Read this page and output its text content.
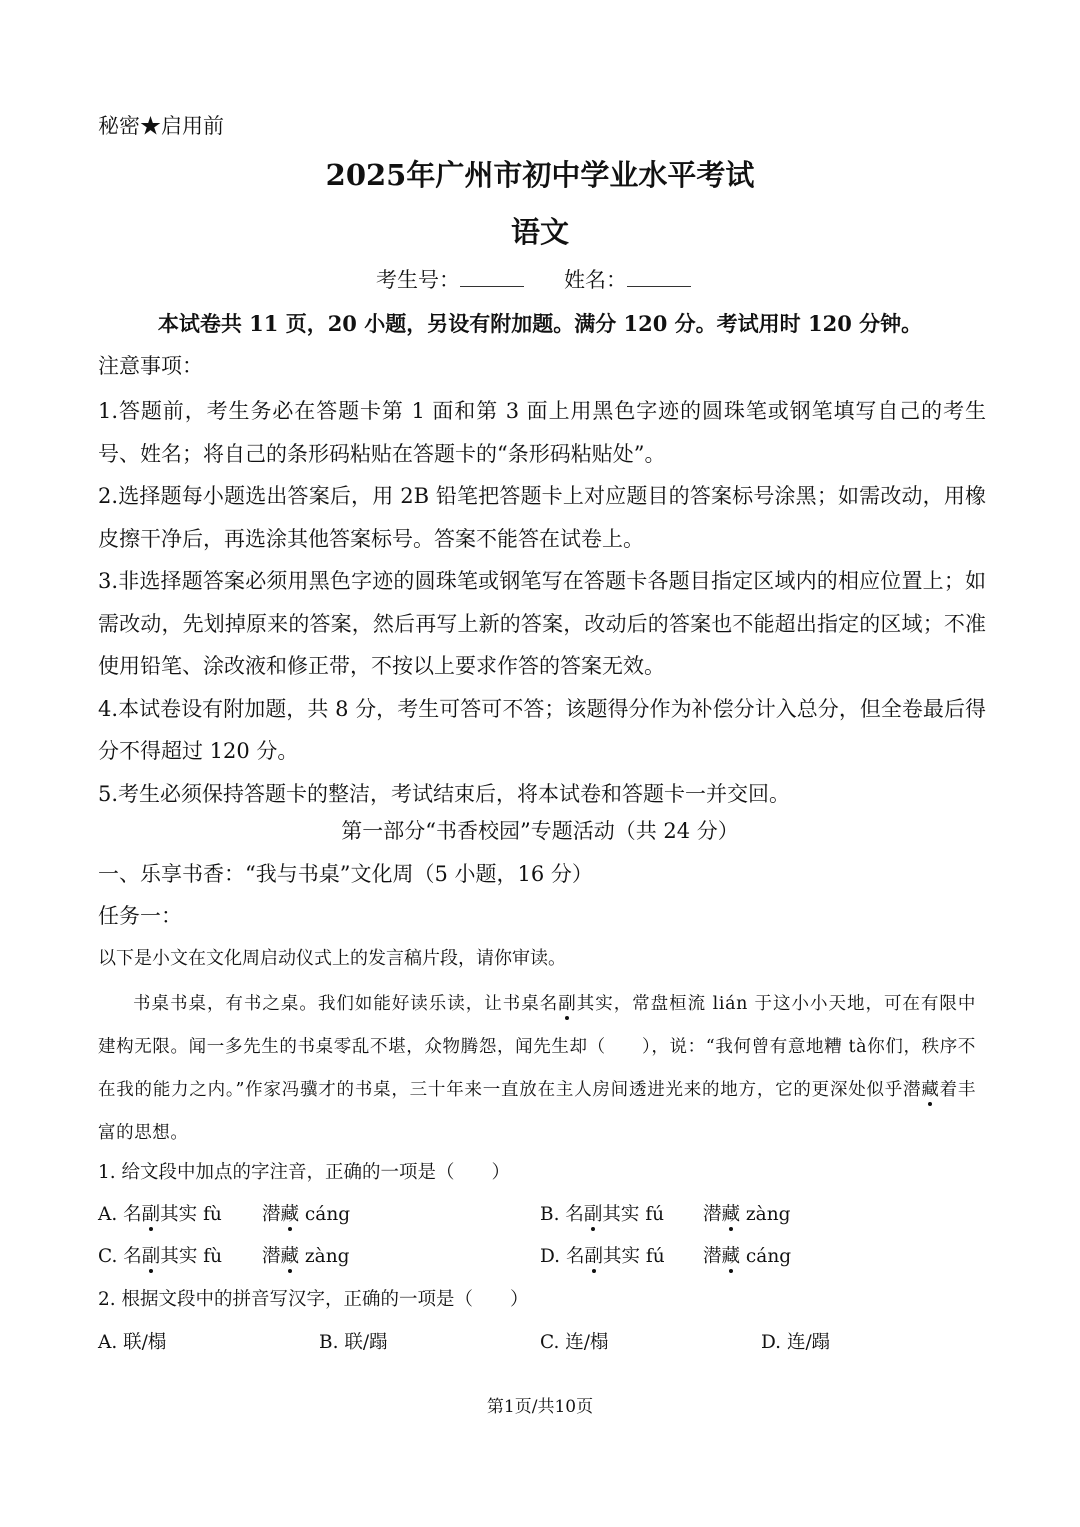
秘密★启用前
2025年广州市初中学业水平考试
语文
考生号：	姓名：
本试卷共 11 页，20 小题，另设有附加题。满分 120 分。考试用时 120 分钟。
注意事项：

1.答题前，考生务必在答题卡第 1 面和第 3 面上用黑色字迹的圆珠笔或钢笔填写自己的考生号、姓名；将自己的条形码粘贴在答题卡的“条形码粘贴处”。

2.选择题每小题选出答案后，用 2B 铅笔把答题卡上对应题目的答案标号涂黑；如需改动，用橡皮擦干净后，再选涂其他答案标号。答案不能答在试卷上。

3.非选择题答案必须用黑色字迹的圆珠笔或钢笔写在答题卡各题目指定区域内的相应位置上；如需改动，先划掉原来的答案，然后再写上新的答案，改动后的答案也不能超出指定的区域；不准使用铅笔、涂改液和修正带，不按以上要求作答的答案无效。

4.本试卷设有附加题，共 8 分，考生可答可不答；该题得分作为补偿分计入总分，但全卷最后得分不得超过 120 分。

5.考生必须保持答题卡的整洁，考试结束后，将本试卷和答题卡一并交回。

第一部分“书香校园”专题活动（共 24 分）
一、乐享书香：“我与书桌”文化周（5 小题，16 分）
任务一：
以下是小文在文化周启动仪式上的发言稿片段，请你审读。

书桌书桌，有书之桌。我们如能好读乐读，让书桌名副其实，常盘桓流 lián 于这小小天地，可在有限中建构无限。闻一多先生的书桌零乱不堪，众物腾怨，闻先生却（　　），说：“我何曾有意地糟 tà你们，秩序不在我的能力之内。”作家冯骥才的书桌，三十年来一直放在主人房间透进光来的地方，它的更深处似乎潜藏着丰富的思想。

1. 给文段中加点的字注音，正确的一项是（　　）
A. 名副其实 fù 潜藏 cáng	B. 名副其实 fú 潜藏 zàng
C. 名副其实 fù 潜藏 zàng	D. 名副其实 fú 潜藏 cáng
2. 根据文段中的拼音写汉字，正确的一项是（　　）
A. 联/榻	B. 联/蹋	C. 连/榻	D. 连/蹋
第1页/共10页
